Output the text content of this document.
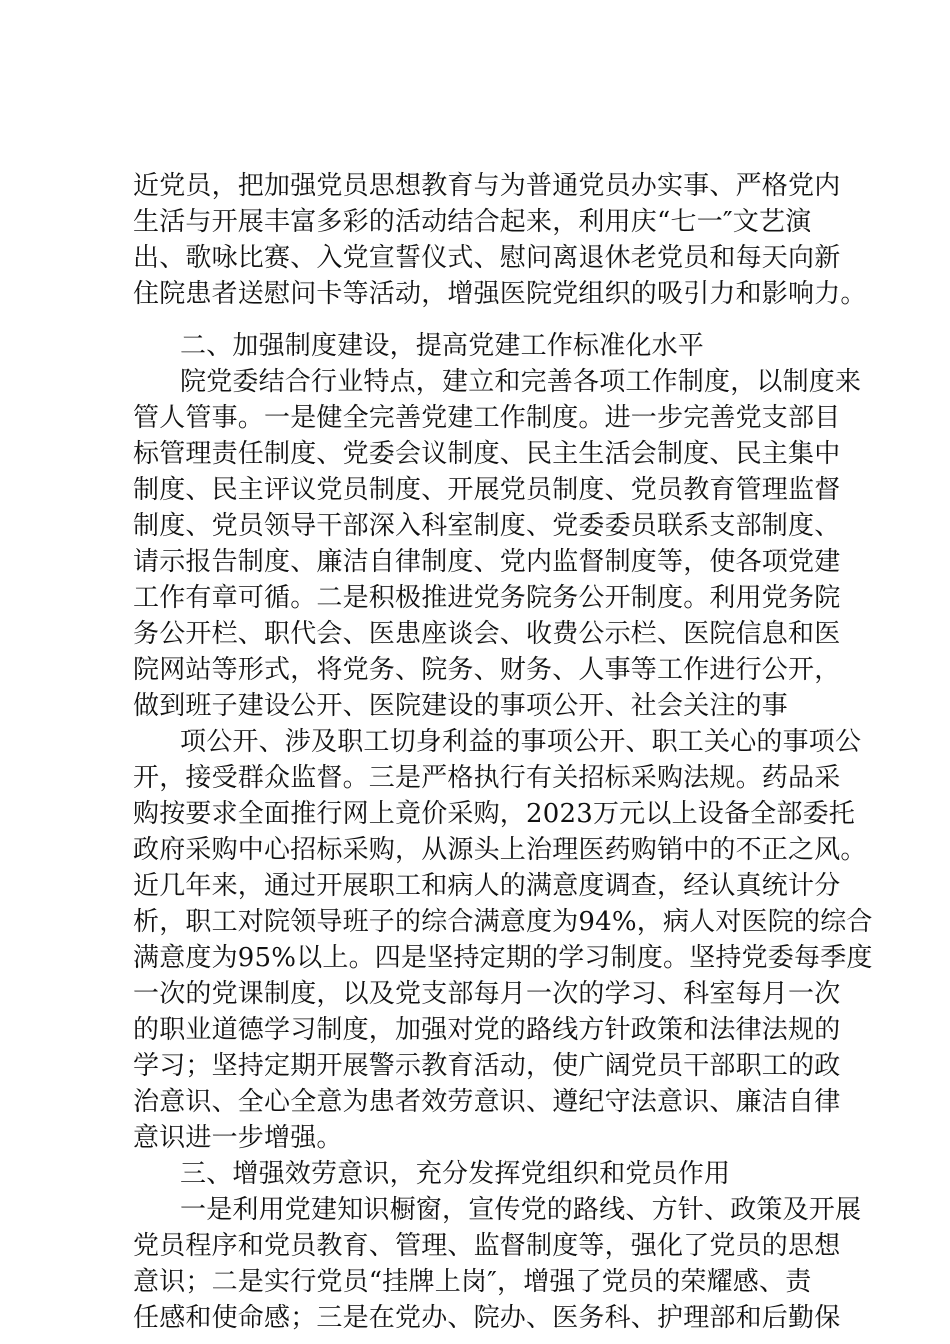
近党员，把加强党员思想教育与为普通党员办实事、严格党内
生活与开展丰富多彩的活动结合起来，利用庆“七一″文艺演
出、歌咏比赛、入党宣誓仪式、慰问离退休老党员和每天向新
住院患者送慰问卡等活动，增强医院党组织的吸引力和影响力。
二、加强制度建设，提高党建工作标准化水平
院党委结合行业特点，建立和完善各项工作制度，以制度来
管人管事。一是健全完善党建工作制度。进一步完善党支部目
标管理责任制度、党委会议制度、民主生活会制度、民主集中
制度、民主评议党员制度、开展党员制度、党员教育管理监督
制度、党员领导干部深入科室制度、党委委员联系支部制度、
请示报告制度、廉洁自律制度、党内监督制度等，使各项党建
工作有章可循。二是积极推进党务院务公开制度。利用党务院
务公开栏、职代会、医患座谈会、收费公示栏、医院信息和医
院网站等形式，将党务、院务、财务、人事等工作进行公开，
做到班子建设公开、医院建设的事项公开、社会关注的事
项公开、涉及职工切身利益的事项公开、职工关心的事项公
开，接受群众监督。三是严格执行有关招标采购法规。药品采
购按要求全面推行网上竟价采购，2023万元以上设备全部委托
政府采购中心招标采购，从源头上治理医药购销中的不正之风。
近几年来，通过开展职工和病人的满意度调查，经认真统计分
析，职工对院领导班子的综合满意度为94%，病人对医院的综合
满意度为95%以上。四是坚持定期的学习制度。坚持党委每季度
一次的党课制度，以及党支部每月一次的学习、科室每月一次
的职业道德学习制度，加强对党的路线方针政策和法律法规的
学习；坚持定期开展警示教育活动，使广阔党员干部职工的政
治意识、全心全意为患者效劳意识、遵纪守法意识、廉洁自律
意识进一步增强。
三、增强效劳意识，充分发挥党组织和党员作用
一是利用党建知识橱窗，宣传党的路线、方针、政策及开展
党员程序和党员教育、管理、监督制度等，强化了党员的思想
意识；二是实行党员“挂牌上岗″，增强了党员的荣耀感、责
任感和使命感；三是在党办、院办、医务科、护理部和后勤保
